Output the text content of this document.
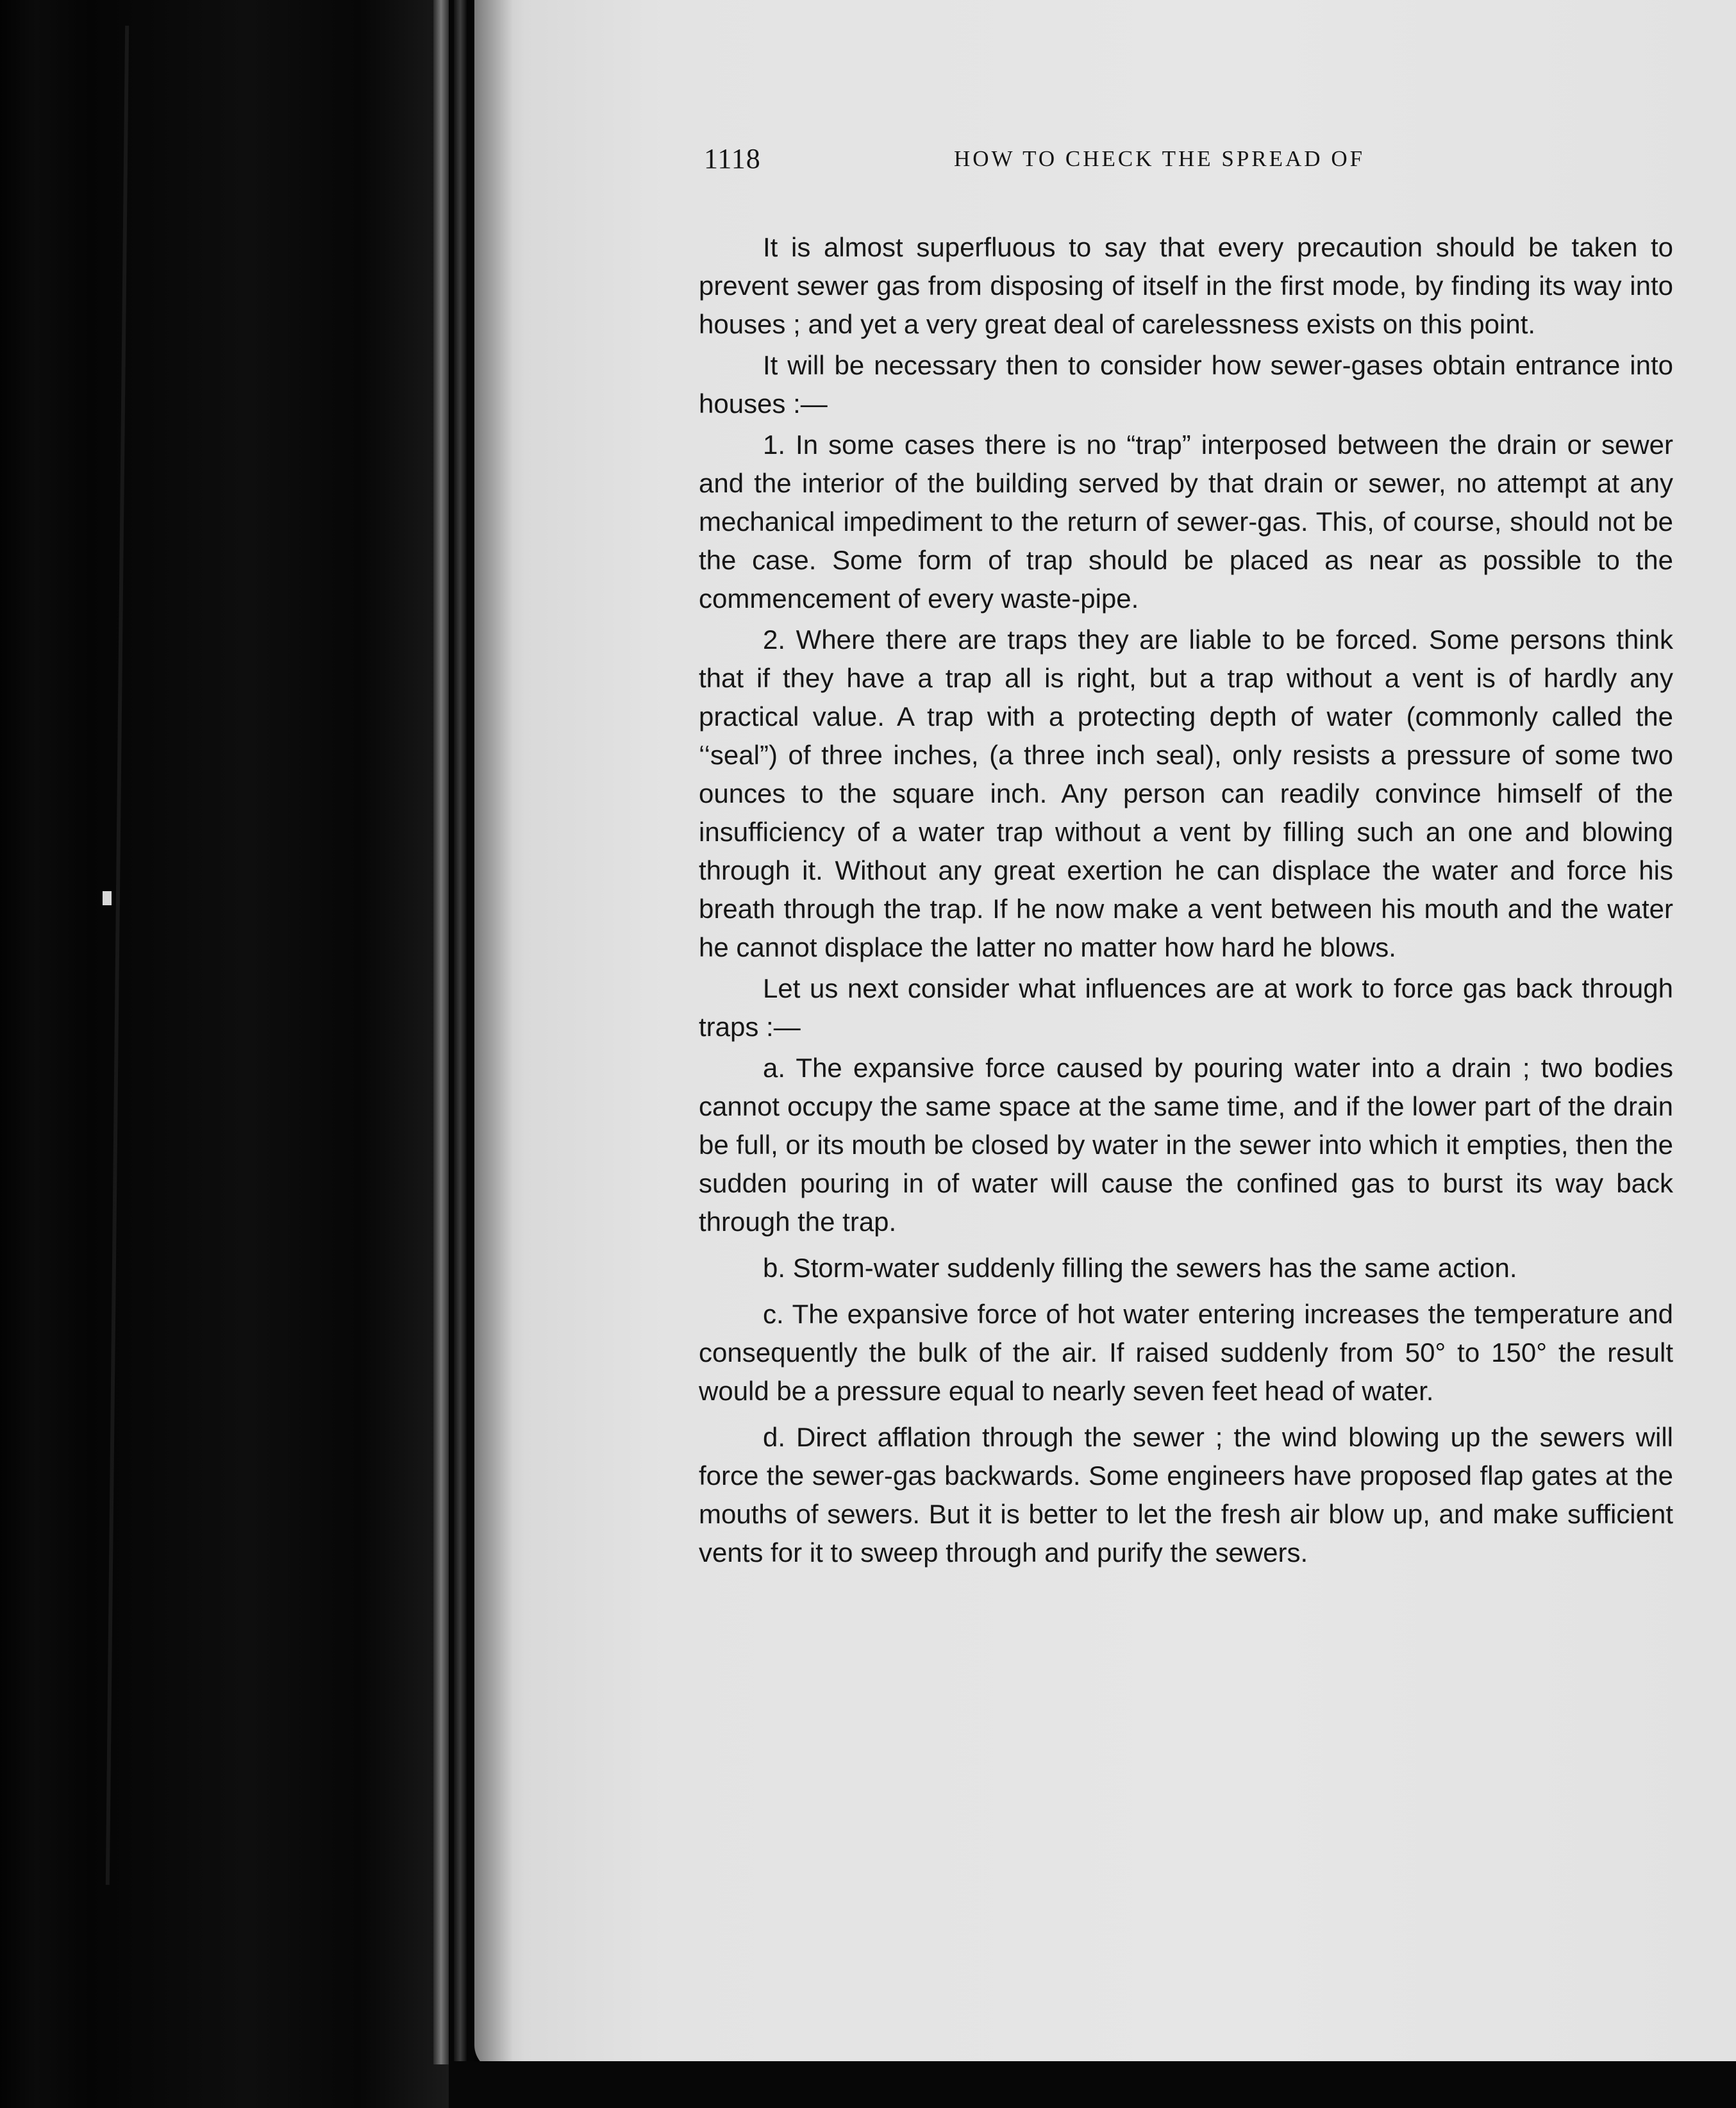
1118	HOW TO CHECK THE SPREAD OF

It is almost superfluous to say that every precaution should be taken to prevent sewer gas from disposing of itself in the first mode, by finding its way into houses ; and yet a very great deal of carelessness exists on this point.

It will be necessary then to consider how sewer-gases obtain entrance into houses :—

1. In some cases there is no “trap” interposed between the drain or sewer and the interior of the building served by that drain or sewer, no attempt at any mechanical impediment to the return of sewer-gas. This, of course, should not be the case. Some form of trap should be placed as near as possible to the commencement of every waste-pipe.

2. Where there are traps they are liable to be forced. Some persons think that if they have a trap all is right, but a trap without a vent is of hardly any practical value. A trap with a protecting depth of water (commonly called the ‘‘seal”) of three inches, (a three inch seal), only resists a pressure of some two ounces to the square inch. Any person can readily convince himself of the insufficiency of a water trap without a vent by filling such an one and blowing through it. Without any great exertion he can displace the water and force his breath through the trap. If he now make a vent between his mouth and the water he cannot displace the latter no matter how hard he blows.

Let us next consider what influences are at work to force gas back through traps :—

a. The expansive force caused by pouring water into a drain ; two bodies cannot occupy the same space at the same time, and if the lower part of the drain be full, or its mouth be closed by water in the sewer into which it empties, then the sudden pouring in of water will cause the confined gas to burst its way back through the trap.

b. Storm-water suddenly filling the sewers has the same action.

c. The expansive force of hot water entering increases the temperature and consequently the bulk of the air. If raised suddenly from 50° to 150° the result would be a pressure equal to nearly seven feet head of water.

d. Direct afflation through the sewer ; the wind blowing up the sewers will force the sewer-gas backwards. Some engineers have proposed flap gates at the mouths of sewers. But it is better to let the fresh air blow up, and make sufficient vents for it to sweep through and purify the sewers.
